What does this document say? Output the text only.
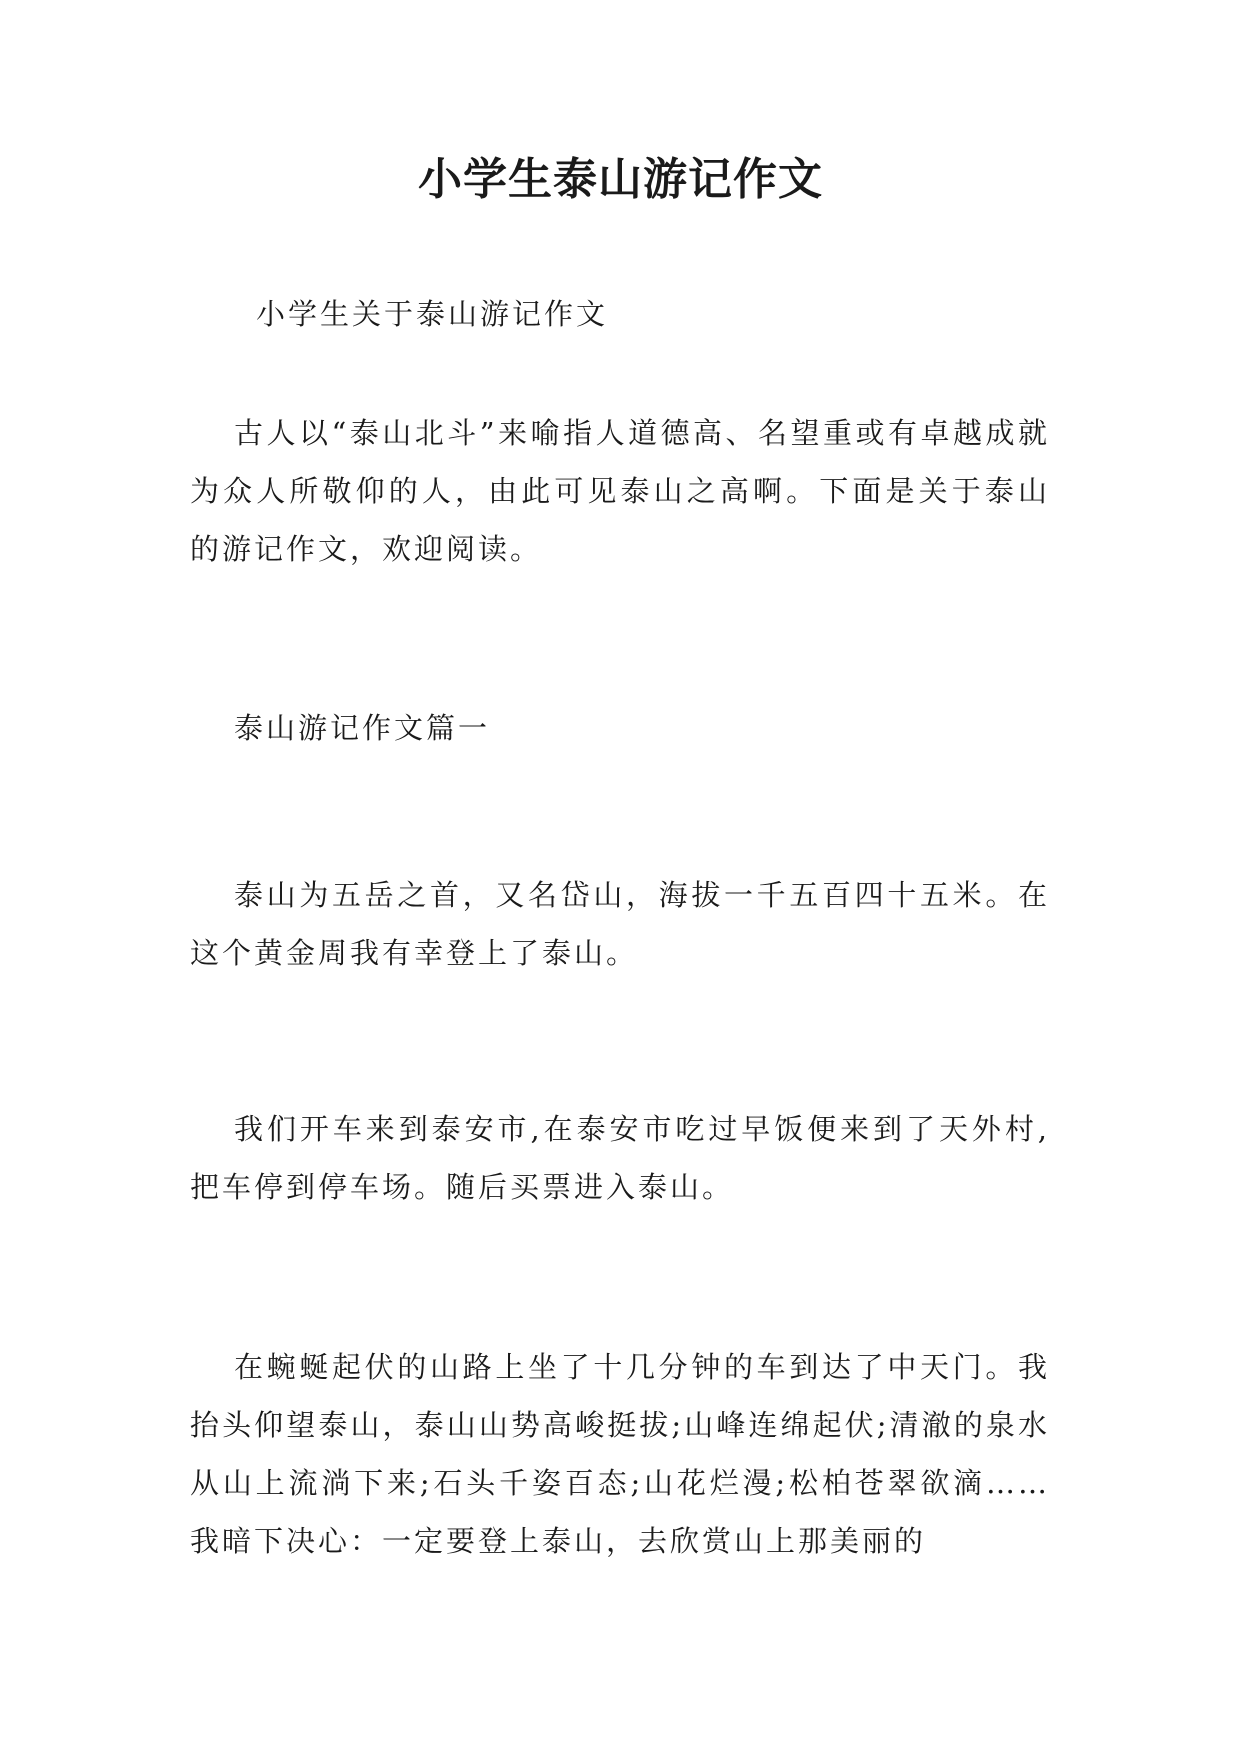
小学生泰山游记作文
小学生关于泰山游记作文

古人以“泰山北斗”来喻指人道德高、名望重或有卓越成就为众人所敬仰的人，由此可见泰山之高啊。下面是关于泰山的游记作文，欢迎阅读。

泰山游记作文篇一

泰山为五岳之首，又名岱山，海拔一千五百四十五米。在这个黄金周我有幸登上了泰山。

我们开车来到泰安市,在泰安市吃过早饭便来到了天外村,把车停到停车场。随后买票进入泰山。

在蜿蜒起伏的山路上坐了十几分钟的车到达了中天门。我抬头仰望泰山，泰山山势高峻挺拔;山峰连绵起伏;清澈的泉水从山上流淌下来;石头千姿百态;山花烂漫;松柏苍翠欲滴……我暗下决心：一定要登上泰山，去欣赏山上那美丽的
